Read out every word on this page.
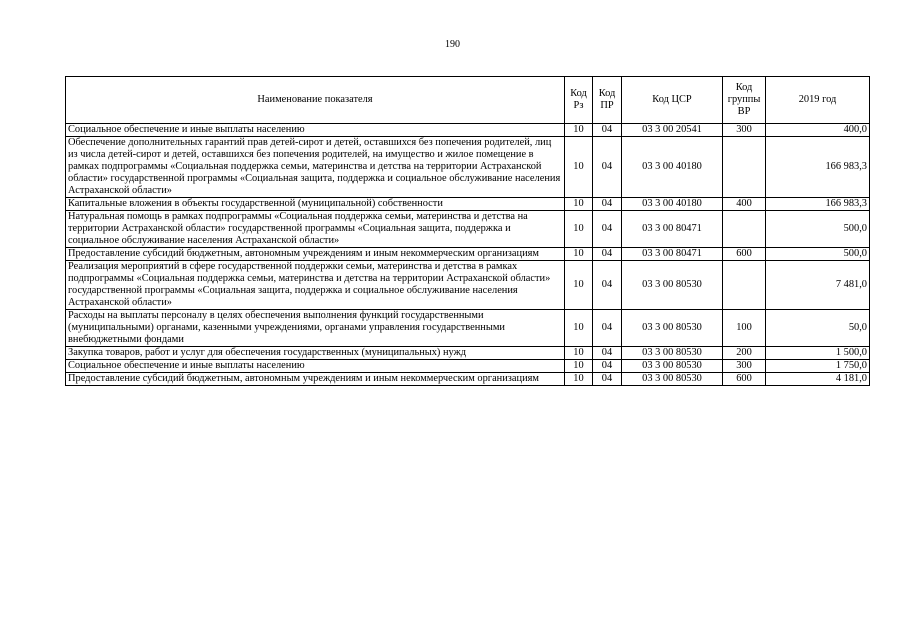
190
Наименование показателя	Код Рз	Код ПР	Код ЦСР	Код группы ВР	2019 год
Социальное обеспечение и иные выплаты населению	10	04	03 3 00 20541	300	400,0
Обеспечение дополнительных гарантий прав детей-сирот и детей, оставшихся без попечения родителей, лиц из числа детей-сирот и детей, оставшихся без попечения родителей, на имущество и жилое помещение в рамках подпрограммы «Социальная поддержка семьи, материнства и детства на территории Астраханской области» государственной программы «Социальная защита, поддержка и социальное обслуживание населения Астраханской области»	10	04	03 3 00 40180		166 983,3
Капитальные вложения в объекты государственной (муниципальной) собственности	10	04	03 3 00 40180	400	166 983,3
Натуральная помощь в рамках подпрограммы «Социальная поддержка семьи, материнства и детства на территории Астраханской области» государственной программы «Социальная защита, поддержка и социальное обслуживание населения Астраханской области»	10	04	03 3 00 80471		500,0
Предоставление субсидий бюджетным, автономным учреждениям и иным некоммерческим организациям	10	04	03 3 00 80471	600	500,0
Реализация мероприятий в сфере государственной поддержки семьи, материнства и детства в рамках подпрограммы «Социальная поддержка семьи, материнства и детства на территории Астраханской области» государственной программы «Социальная защита, поддержка и социальное обслуживание населения Астраханской области»	10	04	03 3 00 80530		7 481,0
Расходы на выплаты персоналу в целях обеспечения выполнения функций государственными (муниципальными) органами, казенными учреждениями, органами управления государственными внебюджетными фондами	10	04	03 3 00 80530	100	50,0
Закупка товаров, работ и услуг для обеспечения государственных (муниципальных) нужд	10	04	03 3 00 80530	200	1 500,0
Социальное обеспечение и иные выплаты населению	10	04	03 3 00 80530	300	1 750,0
Предоставление субсидий бюджетным, автономным учреждениям и иным некоммерческим организациям	10	04	03 3 00 80530	600	4 181,0
